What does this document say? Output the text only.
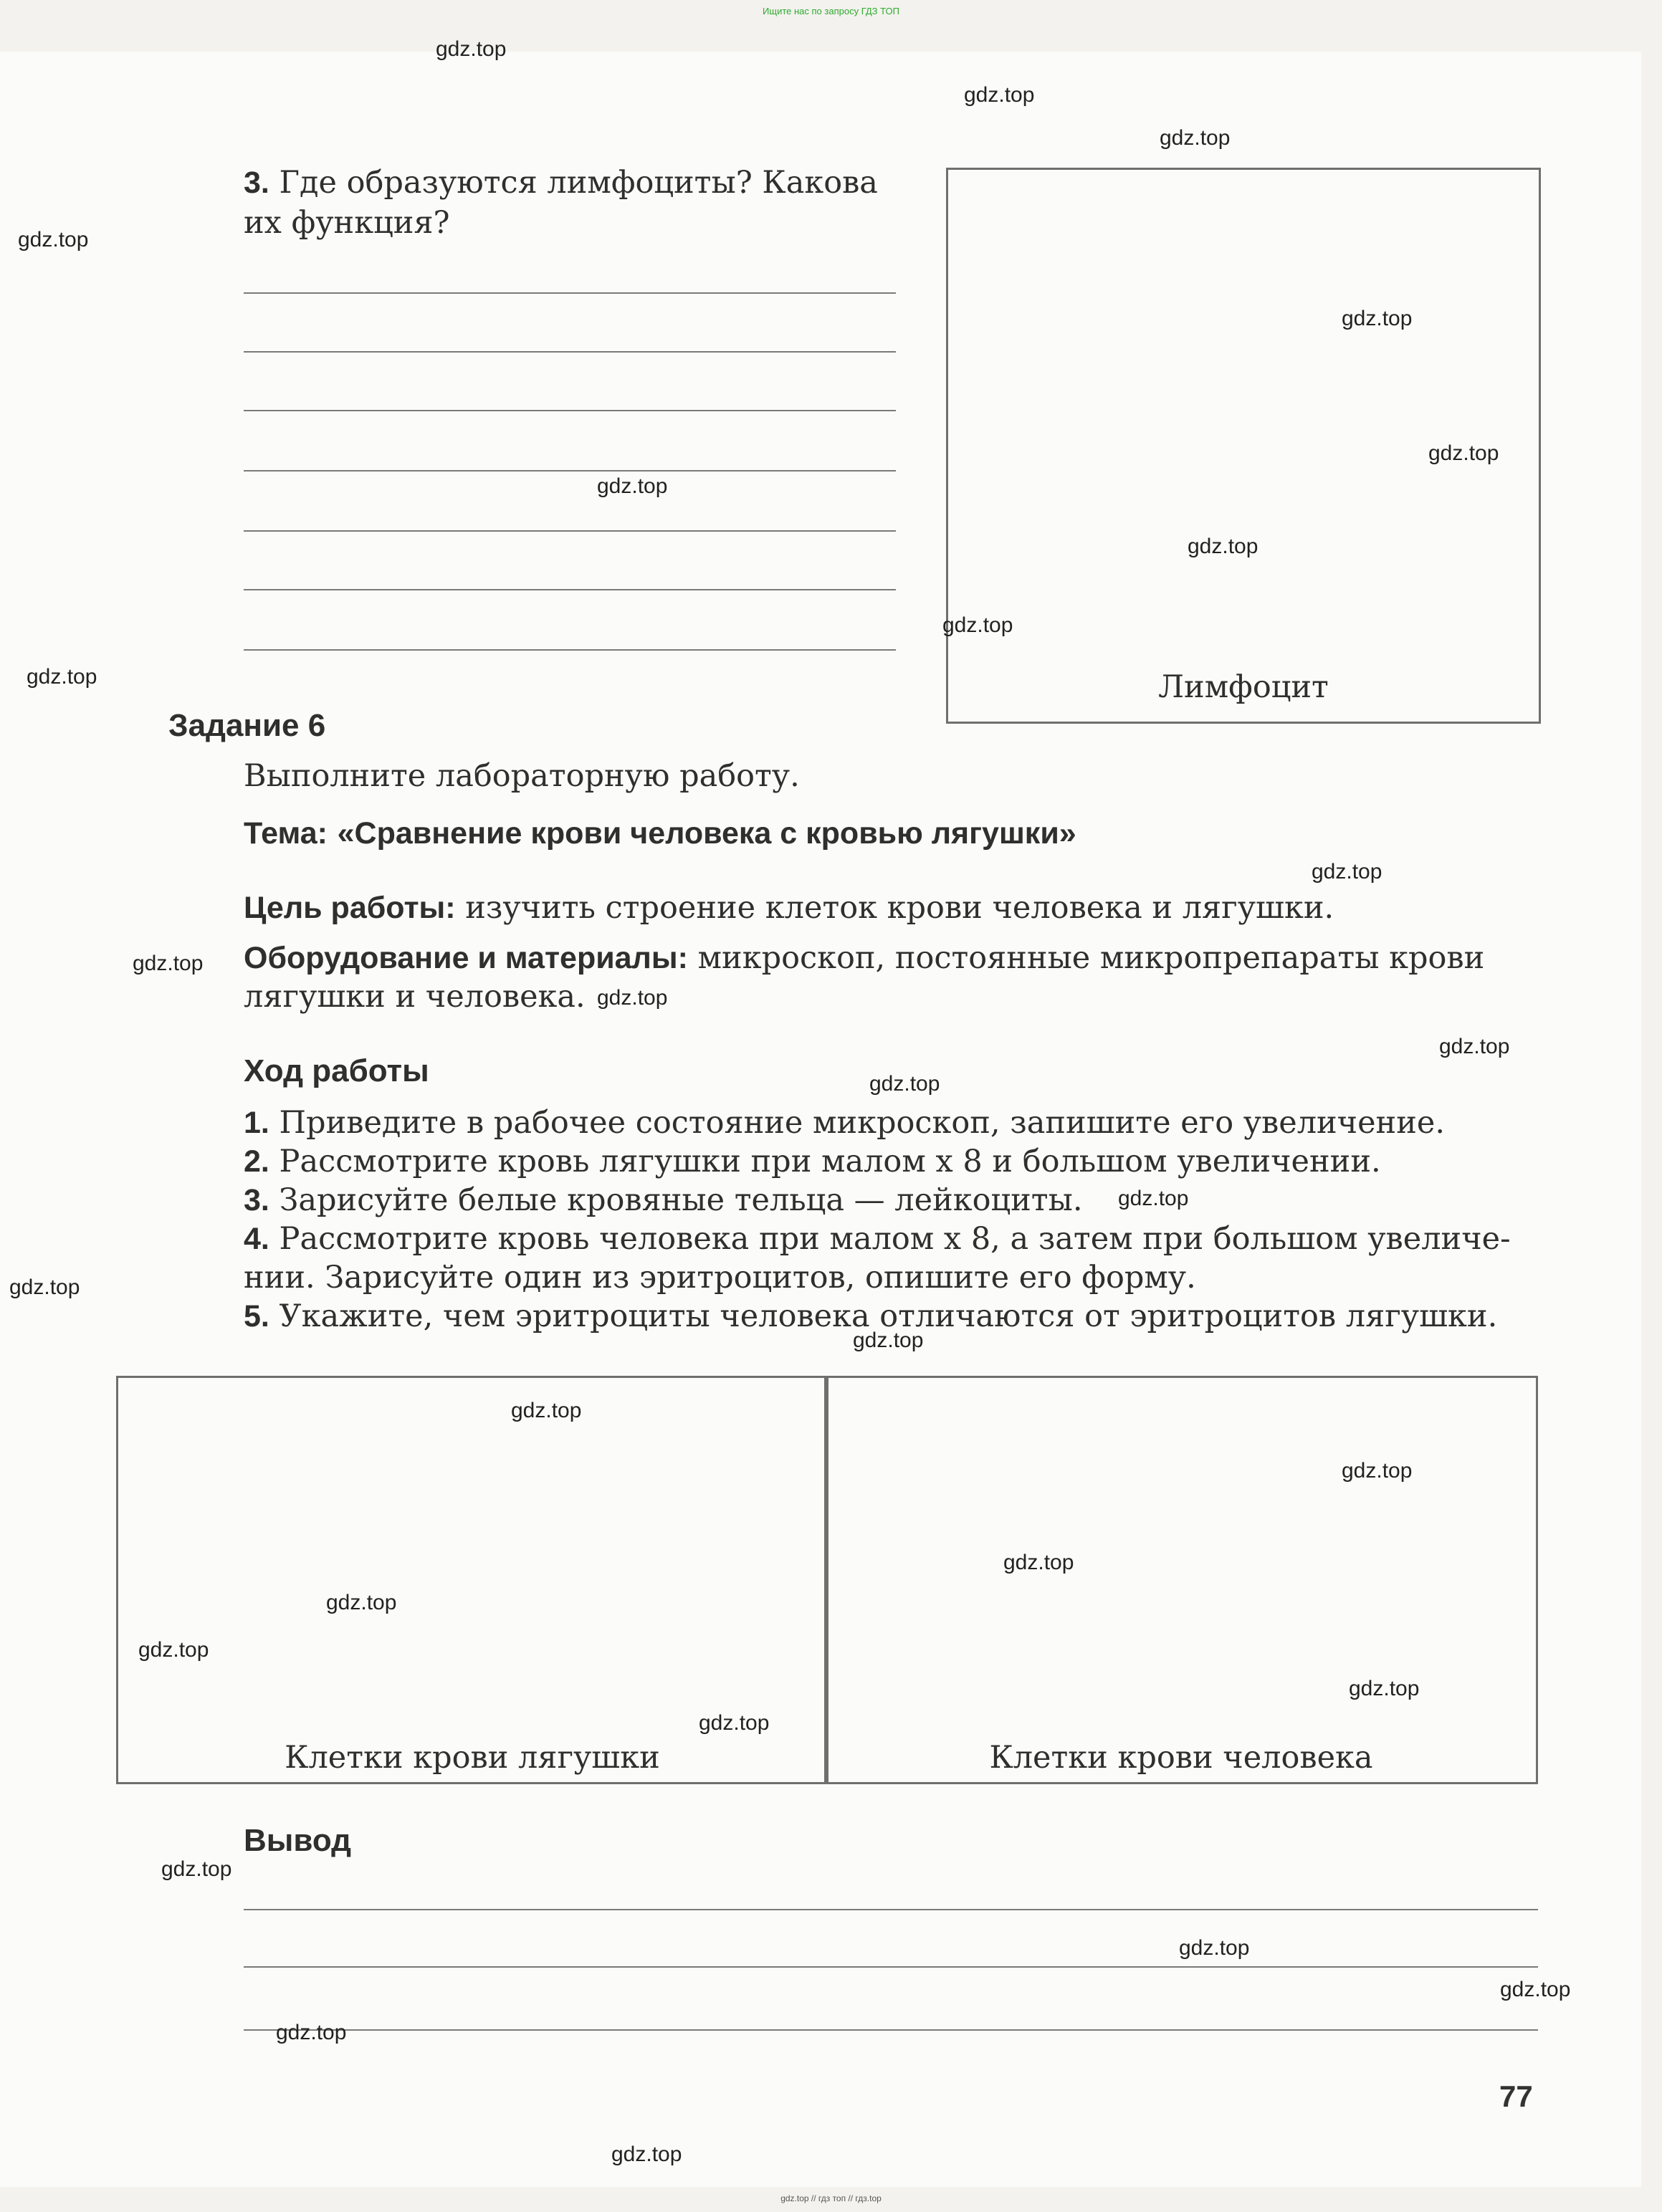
Ищите нас по запросу ГДЗ ТОП
3. Где образуются лимфоциты? Какова
их функция?
Лимфоцит
Задание 6
Выполните лабораторную работу.
Тема: «Сравнение крови человека с кровью лягушки»
Цель работы: изучить строение клеток крови человека и лягушки.
Оборудование и материалы: микроскоп, постоянные микропрепараты крови
лягушки и человека.
Ход работы
1. Приведите в рабочее состояние микроскоп, запишите его увеличение.
2. Рассмотрите кровь лягушки при малом х 8 и большом увеличении.
3. Зарисуйте белые кровяные тельца — лейкоциты.
4. Рассмотрите кровь человека при малом х 8, а затем при большом увеличе-
нии. Зарисуйте один из эритроцитов, опишите его форму.
5. Укажите, чем эритроциты человека отличаются от эритроцитов лягушки.
Клетки крови лягушки	Клетки крови человека
Вывод
77
gdz.top
gdz.top
gdz.top
gdz.top
gdz.top
gdz.top
gdz.top
gdz.top
gdz.top
gdz.top
gdz.top
gdz.top
gdz.top
gdz.top
gdz.top
gdz.top
gdz.top
gdz.top
gdz.top
gdz.top
gdz.top
gdz.top
gdz.top
gdz.top
gdz.top
gdz.top
gdz.top
gdz.top
gdz.top
gdz.top
gdz.top // гдз топ // гдз.top
